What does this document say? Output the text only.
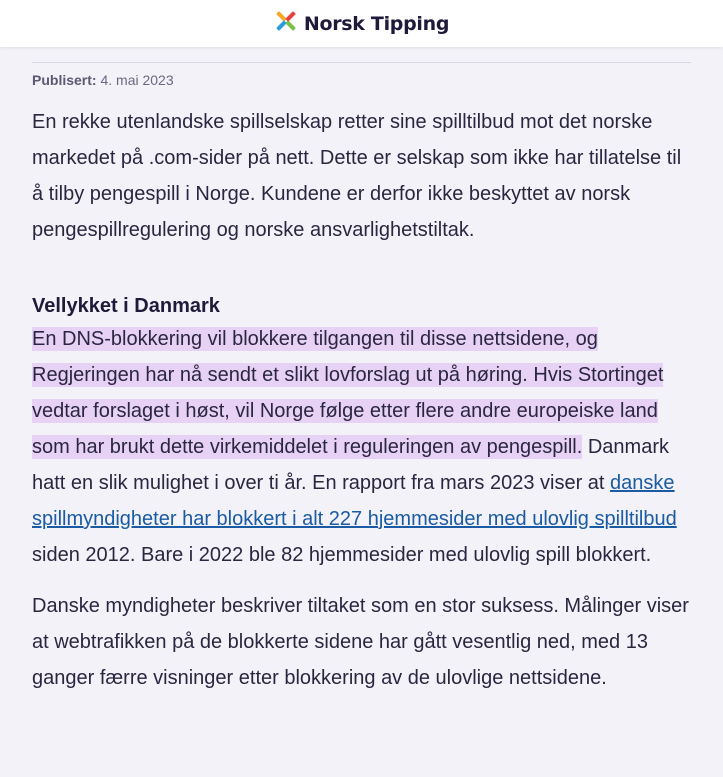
Norsk Tipping
Publisert: 4. mai 2023

En rekke utenlandske spillselskap retter sine spilltilbud mot det norske markedet på .com-sider på nett. Dette er selskap som ikke har tillatelse til å tilby pengespill i Norge. Kundene er derfor ikke beskyttet av norsk pengespillregulering og norske ansvarlighetstiltak.

Vellykket i Danmark

En DNS-blokkering vil blokkere tilgangen til disse nettsidene, og Regjeringen har nå sendt et slikt lovforslag ut på høring. Hvis Stortinget vedtar forslaget i høst, vil Norge følge etter flere andre europeiske land som har brukt dette virkemiddelet i reguleringen av pengespill. Danmark hatt en slik mulighet i over ti år. En rapport fra mars 2023 viser at danske spillmyndigheter har blokkert i alt 227 hjemmesider med ulovlig spilltilbud siden 2012. Bare i 2022 ble 82 hjemmesider med ulovlig spill blokkert.

Danske myndigheter beskriver tiltaket som en stor suksess. Målinger viser at webtrafikken på de blokkerte sidene har gått vesentlig ned, med 13 ganger færre visninger etter blokkering av de ulovlige nettsidene.
